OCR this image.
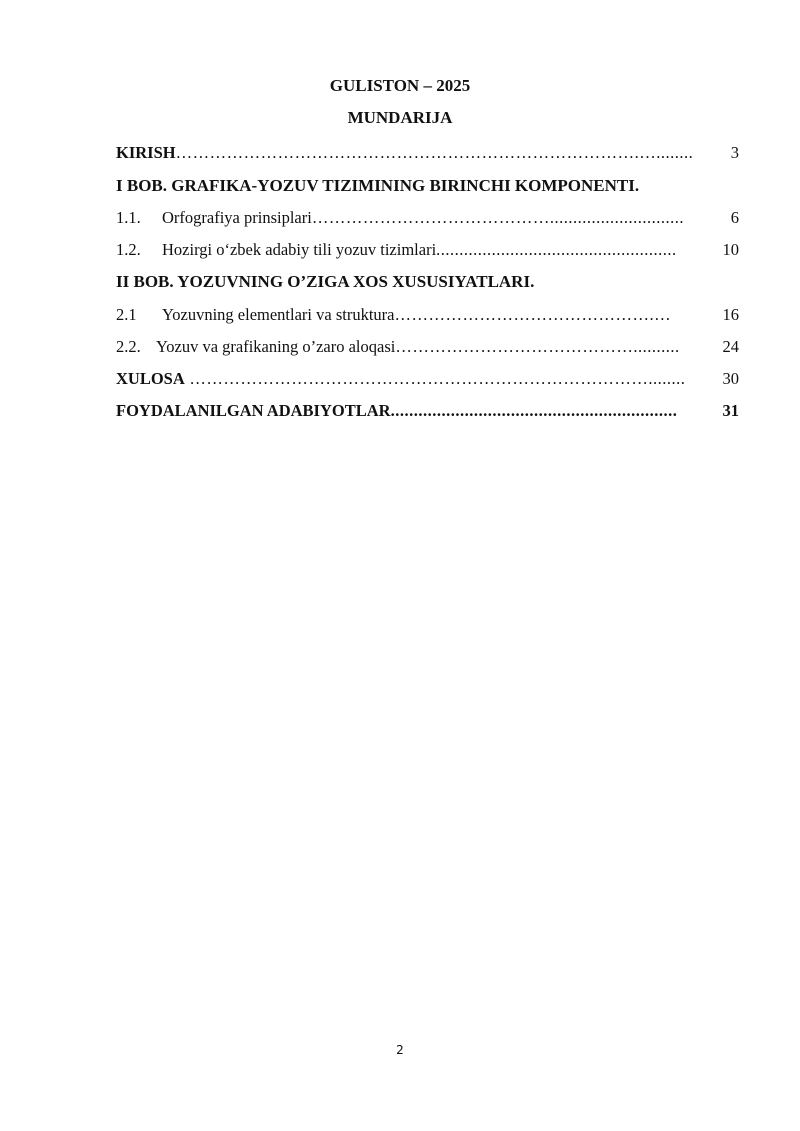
GULISTON – 2025
MUNDARIJA
KIRISH……………………………………………………………………….…........ 3
I BOB. GRAFIKA-YOZUV TIZIMINING BIRINCHI KOMPONENTI.
1.1. Orfografiya prinsiplari…………………………………….............................	6
1.2. Hozirgi o‘zbek adabiy tili yozuv tizimlari....................................................	10
II BOB. YOZUVNING O’ZIGA XOS XUSUSIYATLARI.
2.1 Yozuvning elementlari va struktura……………………………………….…	16
2.2. Yozuv va grafikaning o’zaro aloqasi……………………………………..........	24
XULOSA ………………………………………………………………………........ 30
FOYDALANILGAN ADABIYOTLAR..............................................................	31
2
